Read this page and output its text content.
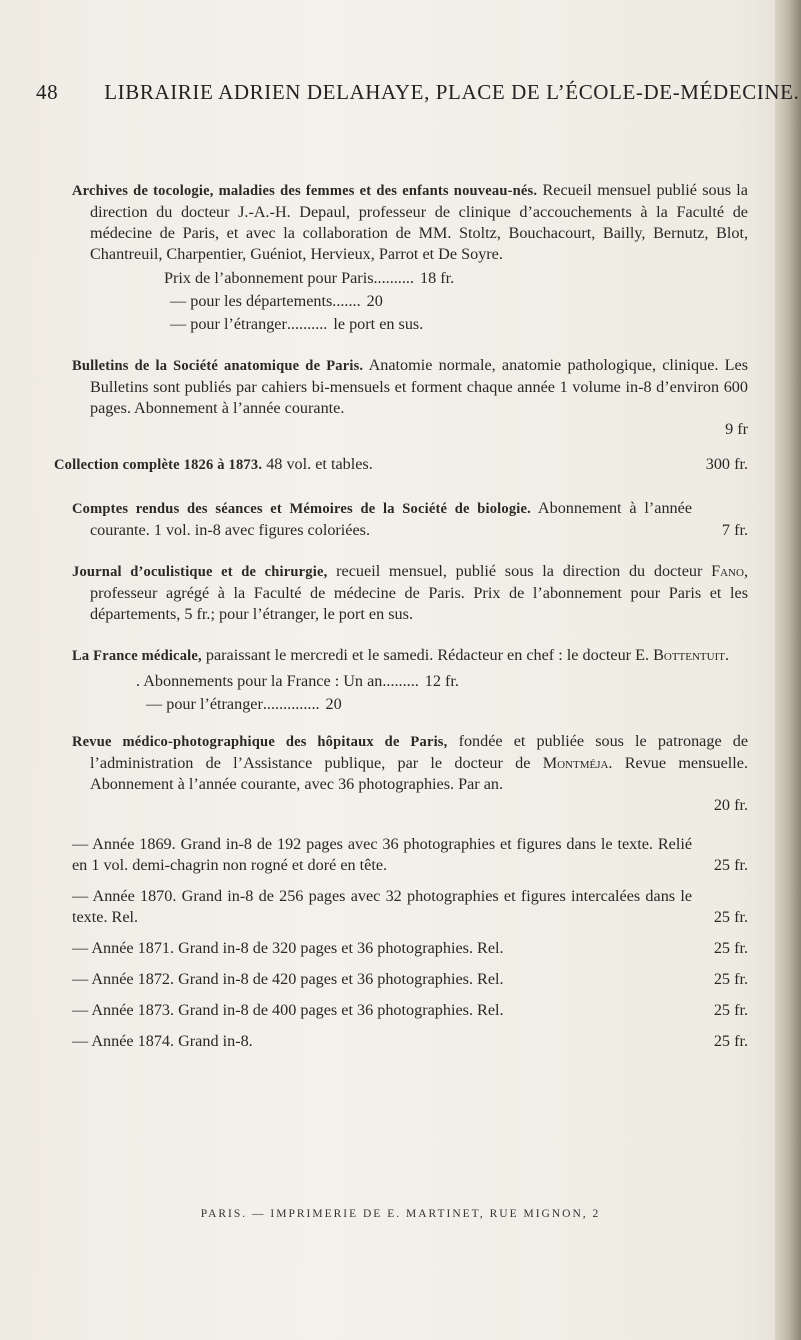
48 LIBRAIRIE ADRIEN DELAHAYE, PLACE DE L’ÉCOLE-DE-MÉDECINE.

Archives de tocologie, maladies des femmes et des enfants nouveau-nés. Recueil mensuel publié sous la direction du docteur J.-A.-H. Depaul, professeur de clinique d’accouchements à la Faculté de médecine de Paris, et avec la collaboration de MM. Stoltz, Bouchacourt, Bailly, Bernutz, Blot, Chantreuil, Charpentier, Guéniot, Hervieux, Parrot et De Soyre.

Prix de l’abonnement pour Paris .......... 18 fr.
— pour les départements ....... 20
— pour l’étranger .......... le port en sus.

Bulletins de la Société anatomique de Paris. Anatomie normale, anatomie pathologique, clinique. Les Bulletins sont publiés par cahiers bi-mensuels et forment chaque année 1 volume in-8 d’environ 600 pages. Abonnement à l’année courante.

9 fr

Collection complète 1826 à 1873. 48 vol. et tables.	300 fr.

Comptes rendus des séances et Mémoires de la Société de biologie. Abonnement à l’année courante. 1 vol. in-8 avec figures coloriées.	7 fr.

Journal d’oculistique et de chirurgie, recueil mensuel, publié sous la direction du docteur Fano, professeur agrégé à la Faculté de médecine de Paris. Prix de l’abonnement pour Paris et les départements, 5 fr.; pour l’étranger, le port en sus.

La France médicale, paraissant le mercredi et le samedi. Rédacteur en chef : le docteur E. Bottentuit.

. Abonnements pour la France : Un an ......... 12 fr.
— pour l’étranger .............. 20

Revue médico-photographique des hôpitaux de Paris, fondée et publiée sous le patronage de l’administration de l’Assistance publique, par le docteur de Montméja. Revue mensuelle. Abonnement à l’année courante, avec 36 photographies. Par an.

20 fr.

— Année 1869. Grand in-8 de 192 pages avec 36 photographies et figures dans le texte. Relié en 1 vol. demi-chagrin non rogné et doré en tête.	25 fr.

— Année 1870. Grand in-8 de 256 pages avec 32 photographies et figures intercalées dans le texte. Rel.	25 fr.
— Année 1871. Grand in-8 de 320 pages et 36 photographies. Rel.	25 fr.
— Année 1872. Grand in-8 de 420 pages et 36 photographies. Rel.	25 fr.
— Année 1873. Grand in-8 de 400 pages et 36 photographies. Rel.	25 fr.
— Année 1874. Grand in-8.	25 fr.
PARIS. — IMPRIMERIE DE E. MARTINET, RUE MIGNON, 2
